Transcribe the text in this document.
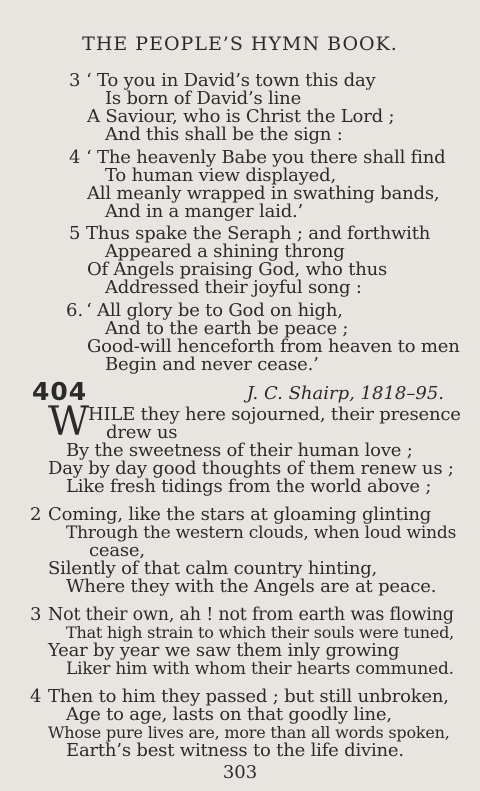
THE PEOPLE’S HYMN BOOK.
3 ‘ To you in David’s town this day
Is born of David’s line
A Saviour, who is Christ the Lord ;
And this shall be the sign :
4 ‘ The heavenly Babe you there shall find
To human view displayed,
All meanly wrapped in swathing bands,
And in a manger laid.’
5 Thus spake the Seraph ; and forthwith
Appeared a shining throng
Of Angels praising God, who thus
Addressed their joyful song :
6. ‘ All glory be to God on high,
And to the earth be peace ;
Good-will henceforth from heaven to men
Begin and never cease.’
404	J. C. Shairp, 1818–95.
W
HILE they here sojourned, their presence
drew us
By the sweetness of their human love ;
Day by day good thoughts of them renew us ;
Like fresh tidings from the world above ;
2 Coming, like the stars at gloaming glinting
Through the western clouds, when loud winds
cease,
Silently of that calm country hinting,
Where they with the Angels are at peace.
3 Not their own, ah ! not from earth was flowing
That high strain to which their souls were tuned,
Year by year we saw them inly growing
Liker him with whom their hearts communed.
4 Then to him they passed ; but still unbroken,
Age to age, lasts on that goodly line,
Whose pure lives are, more than all words spoken,
Earth’s best witness to the life divine.
303
